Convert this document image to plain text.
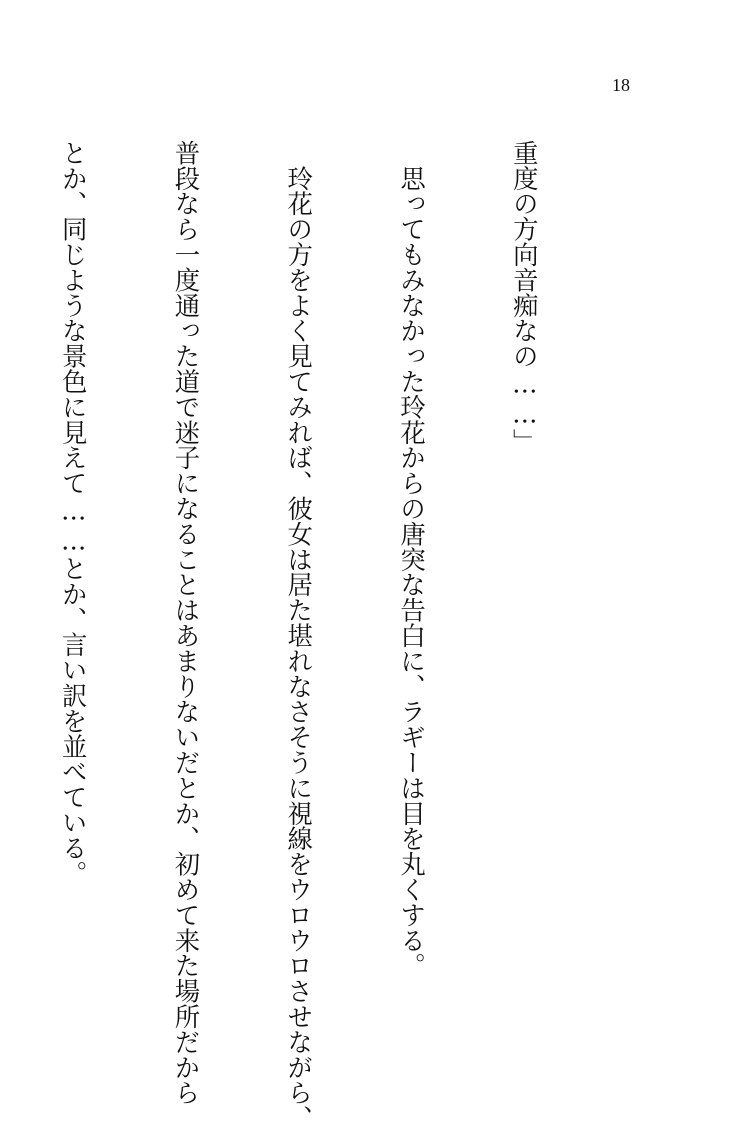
18

重度の方向音痴なの……」

　思ってもみなかった玲花からの唐突な告白に、ラギーは目を丸くする。

　玲花の方をよく見てみれば、彼女は居た堪れなさそうに視線をウロウロさせながら、

普段なら一度通った道で迷子になることはあまりないだとか、初めて来た場所だから

とか、同じような景色に見えて……とか、言い訳を並べている。
